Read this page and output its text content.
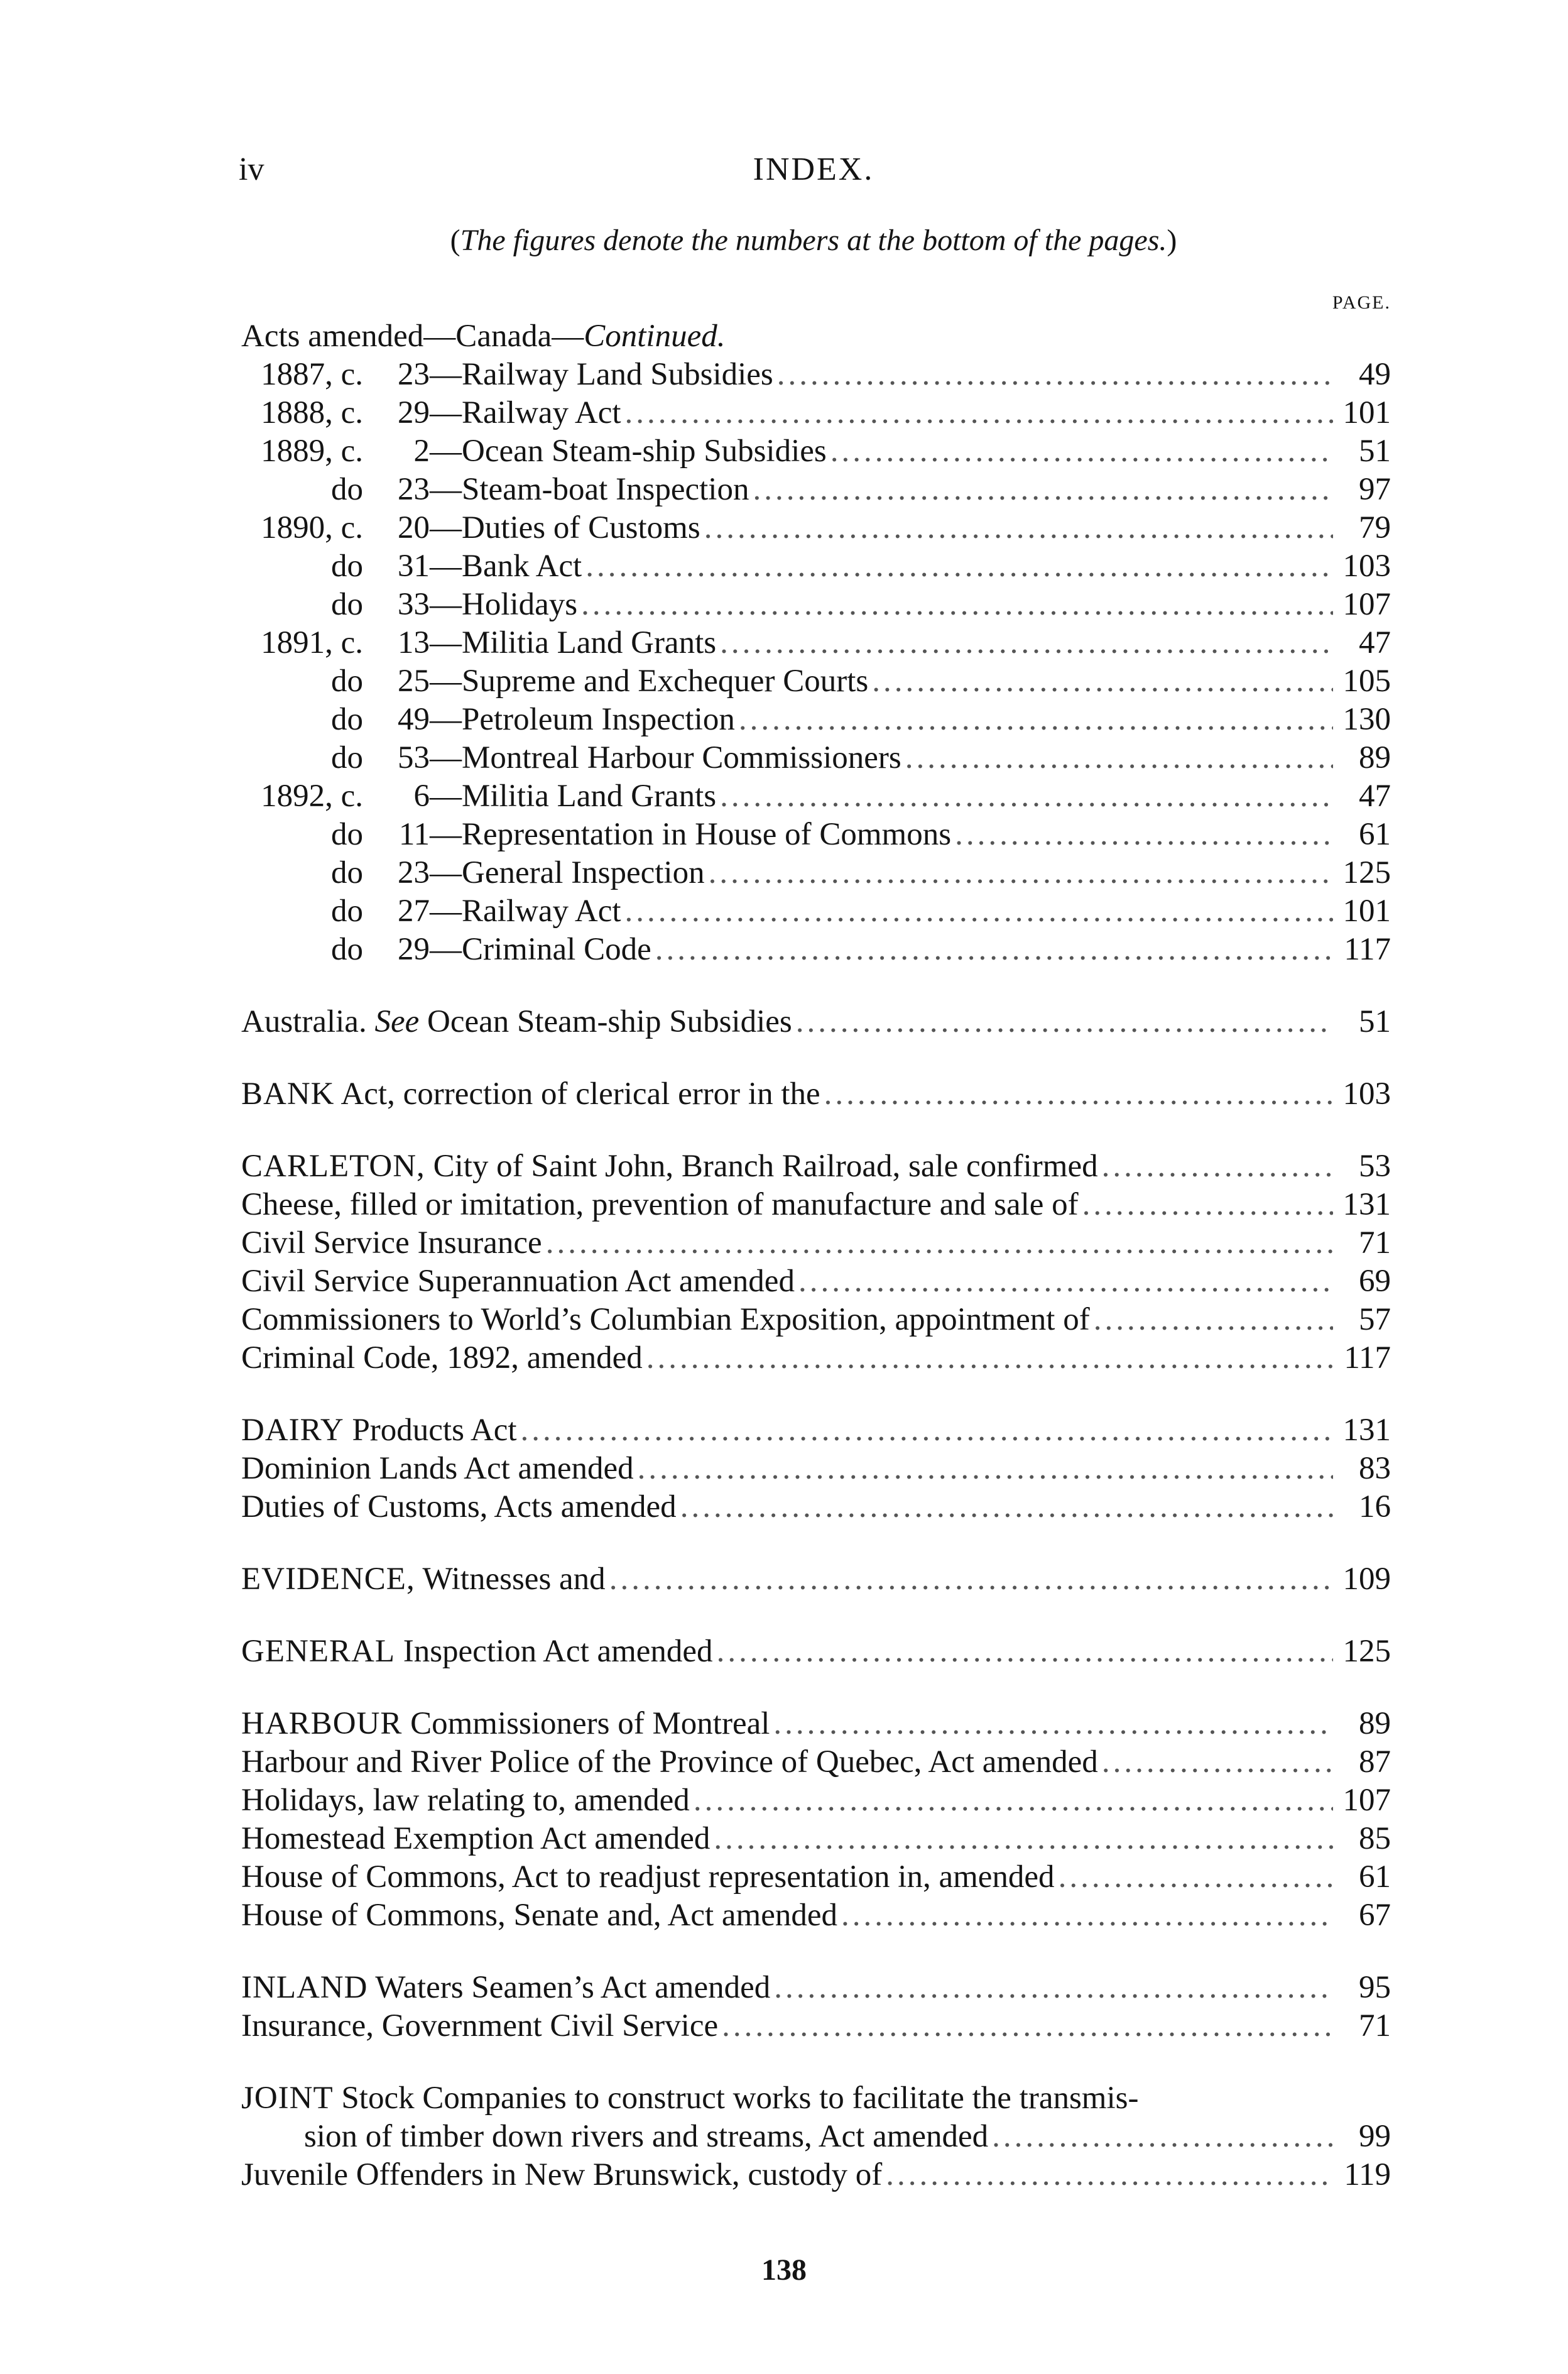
iv	INDEX.
(The figures denote the numbers at the bottom of the pages.)
PAGE.
Acts amended—Canada—Continued.
1887, c. 23—Railway Land Subsidies .....	49
1888, c. 29—Railway Act .....	101
1889, c. 2—Ocean Steam-ship Subsidies .....	51
do 23—Steam-boat Inspection .....	97
1890, c. 20—Duties of Customs .....	79
do 31—Bank Act .....	103
do 33—Holidays .....	107
1891, c. 13—Militia Land Grants .....	47
do 25—Supreme and Exchequer Courts .....	105
do 49—Petroleum Inspection .....	130
do 53—Montreal Harbour Commissioners .....	89
1892, c. 6—Militia Land Grants .....	47
do 11—Representation in House of Commons .....	61
do 23—General Inspection .....	125
do 27—Railway Act .....	101
do 29—Criminal Code .....	117
Australia. See Ocean Steam-ship Subsidies .....	51
BANK Act, correction of clerical error in the .....	103
CARLETON, City of Saint John, Branch Railroad, sale confirmed .....	53
Cheese, filled or imitation, prevention of manufacture and sale of .....	131
Civil Service Insurance .....	71
Civil Service Superannuation Act amended .....	69
Commissioners to World’s Columbian Exposition, appointment of .....	57
Criminal Code, 1892, amended .....	117
DAIRY Products Act .....	131
Dominion Lands Act amended .....	83
Duties of Customs, Acts amended .....	16
EVIDENCE, Witnesses and .....	109
GENERAL Inspection Act amended .....	125
HARBOUR Commissioners of Montreal .....	89
Harbour and River Police of the Province of Quebec, Act amended .....	87
Holidays, law relating to, amended .....	107
Homestead Exemption Act amended .....	85
House of Commons, Act to readjust representation in, amended .....	61
House of Commons, Senate and, Act amended .....	67
INLAND Waters Seamen’s Act amended .....	95
Insurance, Government Civil Service .....	71
JOINT Stock Companies to construct works to facilitate the transmis-
sion of timber down rivers and streams, Act amended .....	99
Juvenile Offenders in New Brunswick, custody of .....	119
138
